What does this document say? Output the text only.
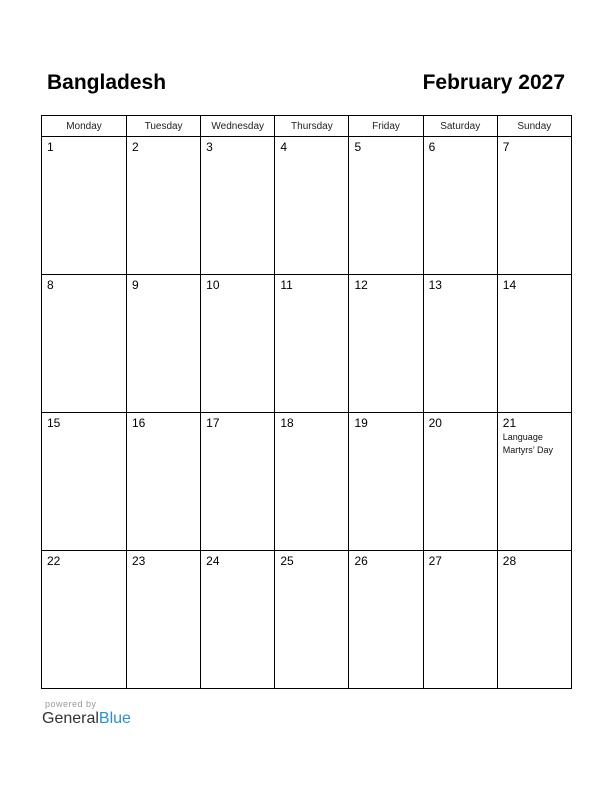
Bangladesh	February 2027
Monday	Tuesday	Wednesday	Thursday	Friday	Saturday	Sunday

1	2	3	4	5	6	7

8	9	10	11	12	13	14

15	16	17	18	19	20	21
Language Martyrs’ Day

22	23	24	25	26	27	28
powered by
GeneralBlue
